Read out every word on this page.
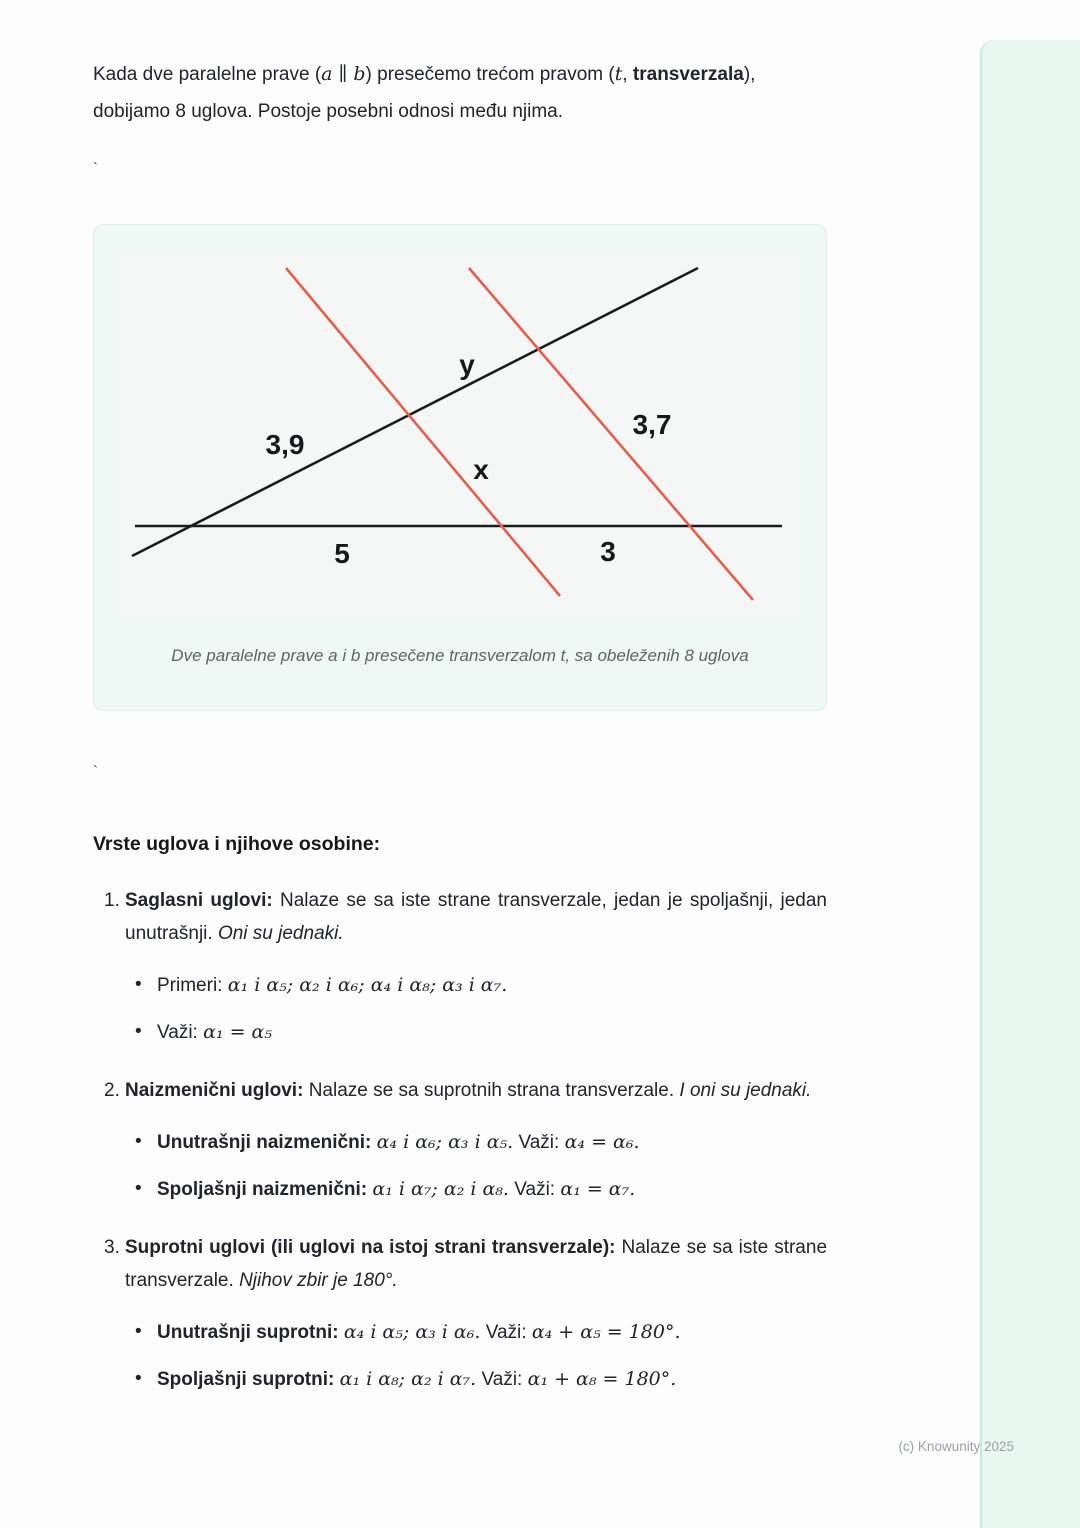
Kada dve paralelne prave (a ∥ b) presečemo trećom pravom (t, transverzala),
dobijamo 8 uglova. Postoje posebni odnosi među njima.

`
y
3,9
3,7
x
5	3
Dve paralelne prave a i b presečene transverzalom t, sa obeleženih 8 uglova
`
Vrste uglova i njihove osobine:
1. Saglasni uglovi: Nalaze se sa iste strane transverzale, jedan je spoljašnji, jedan unutrašnji. Oni su jednaki.

• Primeri: α₁ i α₅; α₂ i α₆; α₄ i α₈; α₃ i α₇.
• Važi: α₁ = α₅
2. Naizmenični uglovi: Nalaze se sa suprotnih strana transverzale. I oni su jednaki.

• Unutrašnji naizmenični: α₄ i α₆; α₃ i α₅. Važi: α₄ = α₆.
• Spoljašnji naizmenični: α₁ i α₇; α₂ i α₈. Važi: α₁ = α₇.
3. Suprotni uglovi (ili uglovi na istoj strani transverzale): Nalaze se sa iste strane transverzale. Njihov zbir je 180°.

• Unutrašnji suprotni: α₄ i α₅; α₃ i α₆. Važi: α₄ + α₅ = 180°.
• Spoljašnji suprotni: α₁ i α₈; α₂ i α₇. Važi: α₁ + α₈ = 180°.
(c) Knowunity 2025
